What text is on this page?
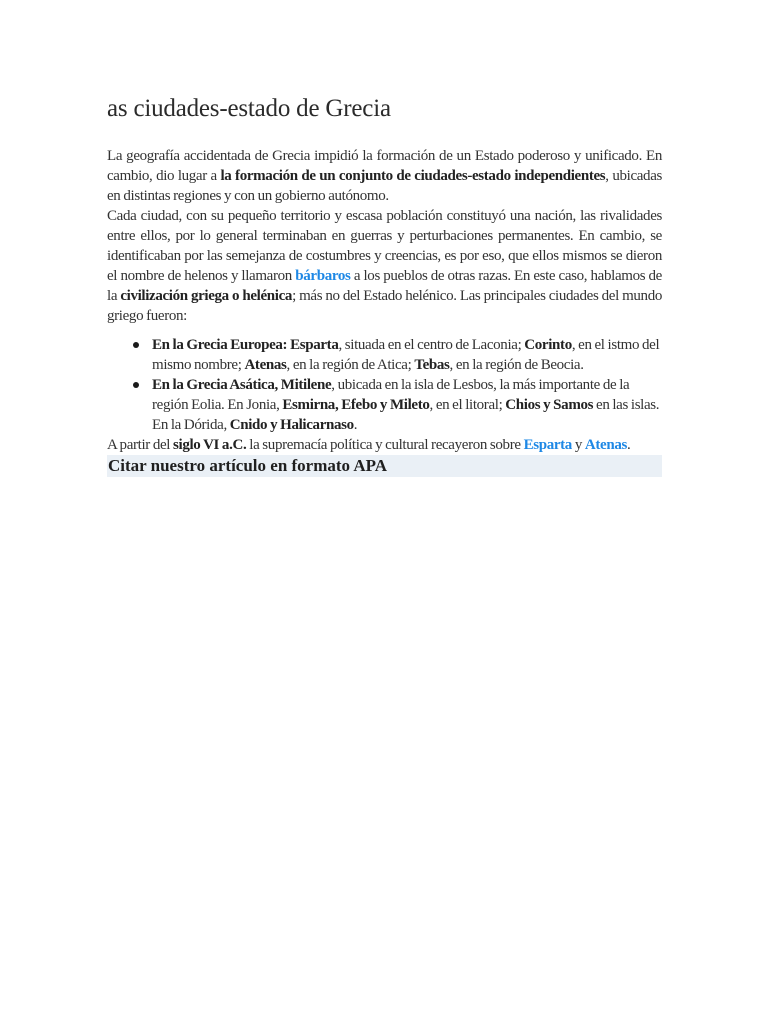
as ciudades-estado de Grecia

La geografía accidentada de Grecia impidió la formación de un Estado poderoso y unificado. En cambio, dio lugar a la formación de un conjunto de ciudades-estado independientes, ubicadas en distintas regiones y con un gobierno autónomo.

Cada ciudad, con su pequeño territorio y escasa población constituyó una nación, las rivalidades entre ellos, por lo general terminaban en guerras y perturbaciones permanentes. En cambio, se identificaban por las semejanza de costumbres y creencias, es por eso, que ellos mismos se dieron el nombre de helenos y llamaron bárbaros a los pueblos de otras razas. En este caso, hablamos de la civilización griega o helénica; más no del Estado helénico. Las principales ciudades del mundo griego fueron:

En la Grecia Europea: Esparta, situada en el centro de Laconia; Corinto, en el istmo del mismo nombre; Atenas, en la región de Atica; Tebas, en la región de Beocia.
En la Grecia Asática, Mitilene, ubicada en la isla de Lesbos, la más importante de la región Eolia. En Jonia, Esmirna, Efebo y Mileto, en el litoral; Chios y Samos en las islas. En la Dórida, Cnido y Halicarnaso.

A partir del siglo VI a.C. la supremacía política y cultural recayeron sobre Esparta y Atenas.

Citar nuestro artículo en formato APA
